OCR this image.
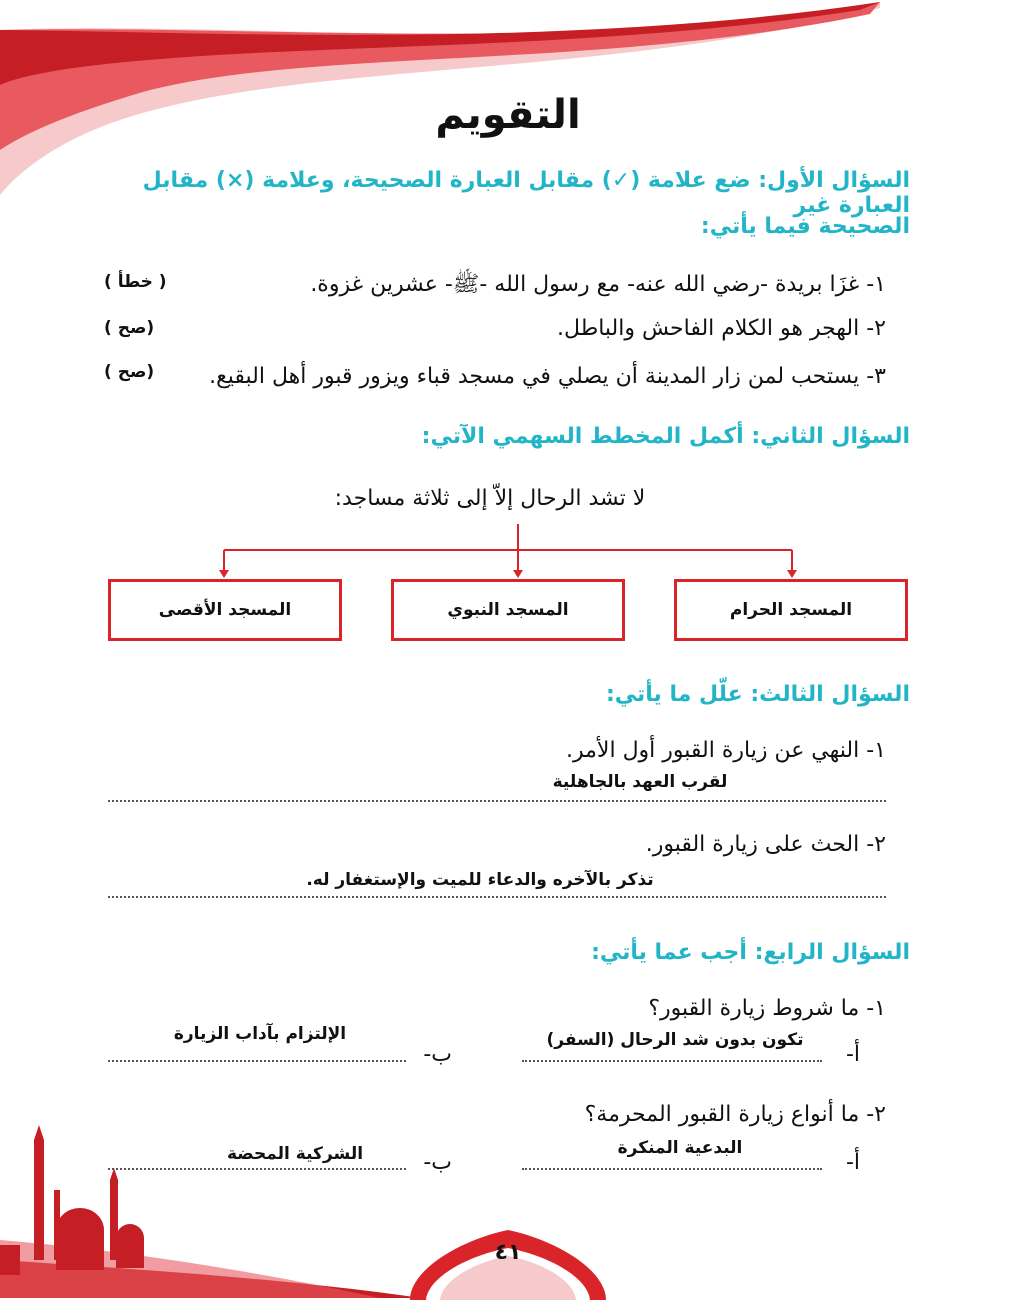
التقويم
السؤال الأول: ضع علامة (✓) مقابل العبارة الصحيحة، وعلامة (×) مقابل العبارة غير
الصحيحة فيما يأتي:
١- غزَا بريدة -رضي الله عنه- مع رسول الله -ﷺ- عشرين غزوة.
( خطأ )
٢- الهجر هو الكلام الفاحش والباطل.
(صح )
٣- يستحب لمن زار المدينة أن يصلي في مسجد قباء ويزور قبور أهل البقيع.
(صح )
السؤال الثاني: أكمل المخطط السهمي الآتي:
لا تشد الرحال إلاّ إلى ثلاثة مساجد:
المسجد الحرام
المسجد النبوي
المسجد الأقصى
السؤال الثالث: علّل ما يأتي:
١- النهي عن زيارة القبور أول الأمر.
لقرب العهد بالجاهلية
٢- الحث على زيارة القبور.
تذكر بالآخره والدعاء للميت والإستغفار له.
السؤال الرابع: أجب عما يأتي:
١- ما شروط زيارة القبور؟
أ-
تكون بدون شد الرحال (السفر)
ب-
الإلتزام بآداب الزيارة
٢- ما أنواع زيارة القبور المحرمة؟
أ-
البدعية المنكرة
ب-
الشركية المحضة
٤١
